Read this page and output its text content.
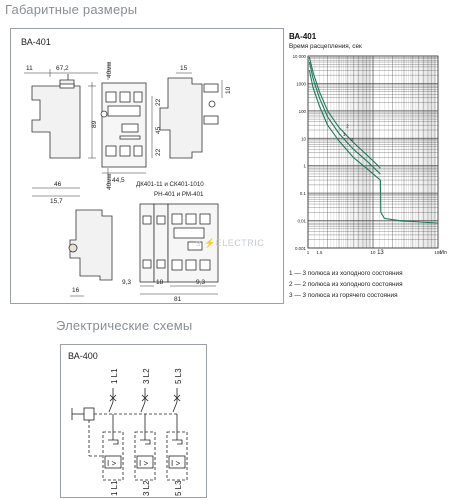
Габаритные размеры
ВА-401
11	67,2	40мм
89
46
15,7
40мм 44,5
22
45
22
15
10
ДК401-11 и СК401-1010
РН-401 и РМ-401
16
9,3	18	9,3
81
s ⚡ELECTRIC
ВА-401
Время расцепления, сек
10 000
1000
100
10
1
0.1
0.01
0.001
1 1.5	10 13	100
I/In
1
2
3
1 — 3 полюса из холодного состояния
2 — 2 полюса из холодного состояния
3 — 3 полюса из горячего состояния
Электрические схемы
ВА-400
1 L1	3 L2	5 L3
1 L1	3 L2	5 L3
I >	I >	I >
